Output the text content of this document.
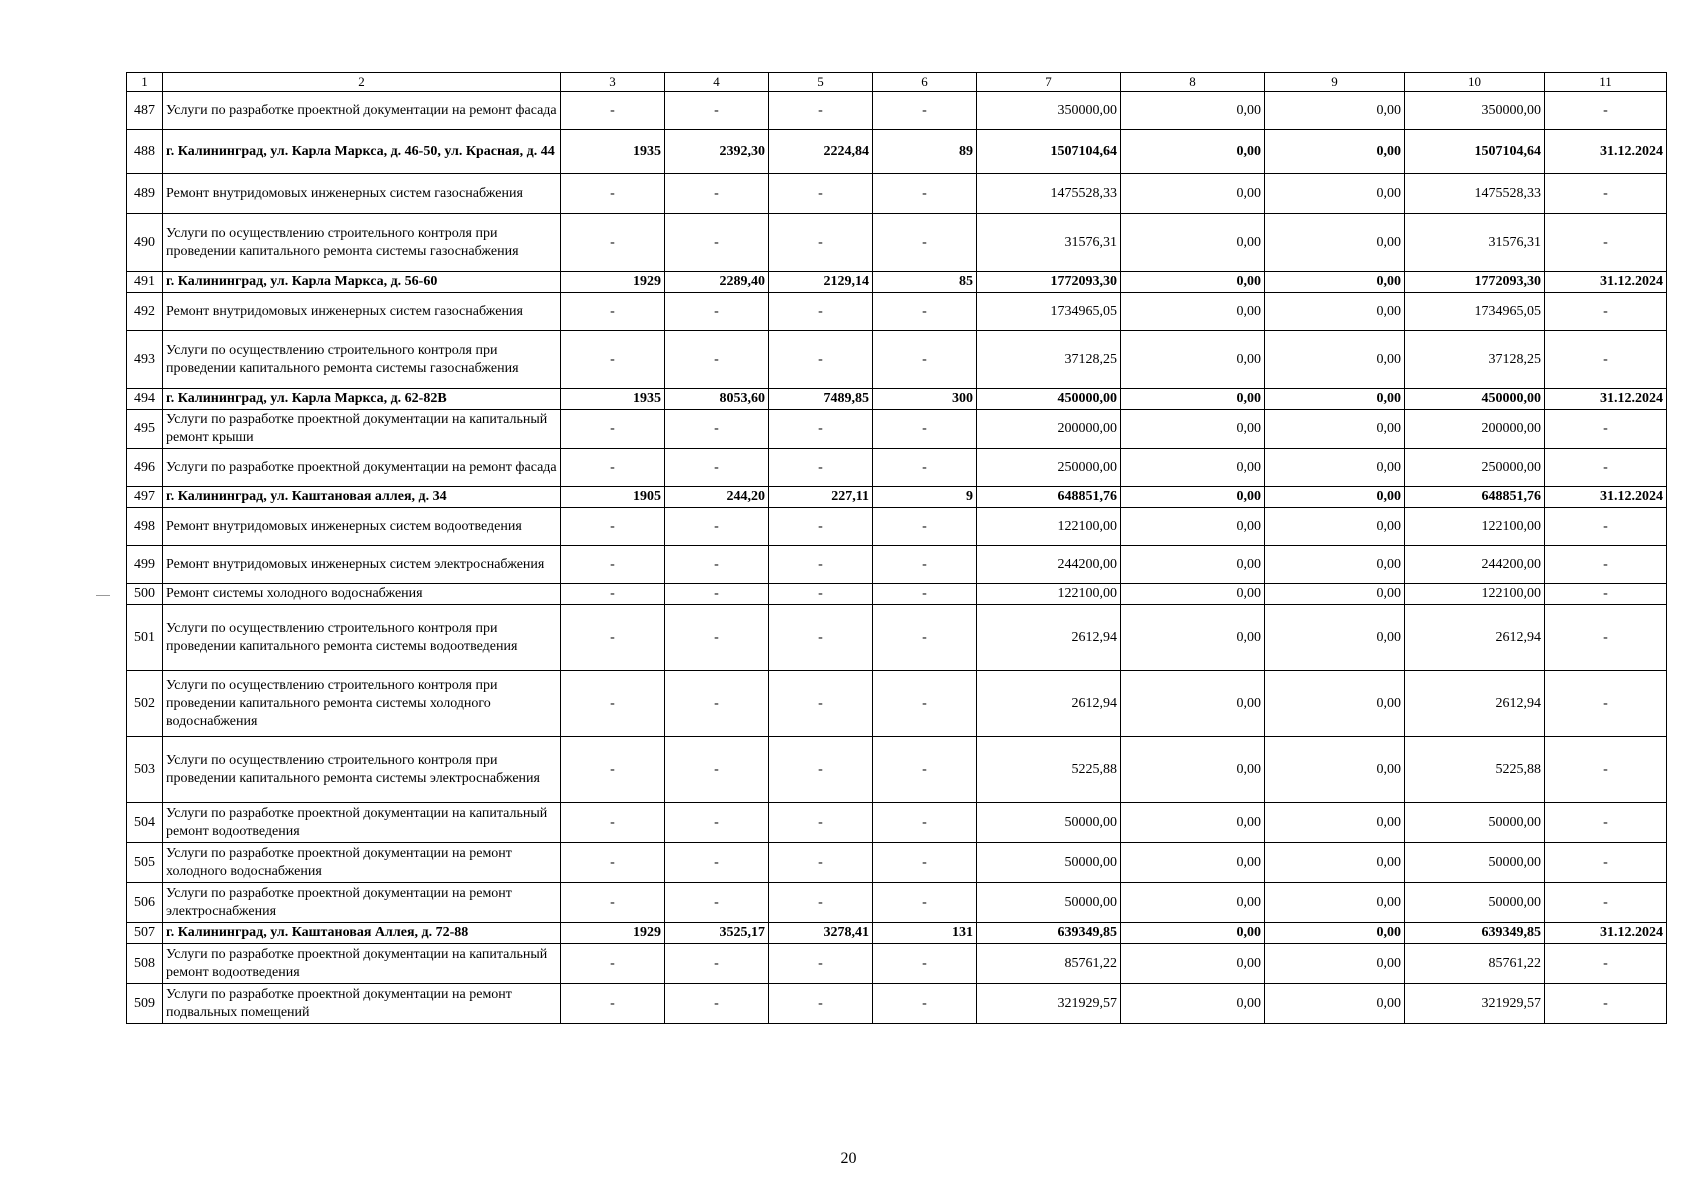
1	2	3	4	5	6	7	8	9	10	11
487	Услуги по разработке проектной документации на ремонт фасада	-	-	-	-	350000,00	0,00	0,00	350000,00	-
488	г. Калининград, ул. Карла Маркса, д. 46-50, ул. Красная, д. 44	1935	2392,30	2224,84	89	1507104,64	0,00	0,00	1507104,64	31.12.2024
489	Ремонт внутридомовых инженерных систем газоснабжения	-	-	-	-	1475528,33	0,00	0,00	1475528,33	-
490	Услуги по осуществлению строительного контроля при проведении капитального ремонта системы газоснабжения	-	-	-	-	31576,31	0,00	0,00	31576,31	-
491	г. Калининград, ул. Карла Маркса, д. 56-60	1929	2289,40	2129,14	85	1772093,30	0,00	0,00	1772093,30	31.12.2024
492	Ремонт внутридомовых инженерных систем газоснабжения	-	-	-	-	1734965,05	0,00	0,00	1734965,05	-
493	Услуги по осуществлению строительного контроля при проведении капитального ремонта системы газоснабжения	-	-	-	-	37128,25	0,00	0,00	37128,25	-
494	г. Калининград, ул. Карла Маркса, д. 62-82В	1935	8053,60	7489,85	300	450000,00	0,00	0,00	450000,00	31.12.2024
495	Услуги по разработке проектной документации на капитальный ремонт крыши	-	-	-	-	200000,00	0,00	0,00	200000,00	-
496	Услуги по разработке проектной документации на ремонт фасада	-	-	-	-	250000,00	0,00	0,00	250000,00	-
497	г. Калининград, ул. Каштановая аллея, д. 34	1905	244,20	227,11	9	648851,76	0,00	0,00	648851,76	31.12.2024
498	Ремонт внутридомовых инженерных систем водоотведения	-	-	-	-	122100,00	0,00	0,00	122100,00	-
499	Ремонт внутридомовых инженерных систем электроснабжения	-	-	-	-	244200,00	0,00	0,00	244200,00	-
500	Ремонт системы холодного водоснабжения	-	-	-	-	122100,00	0,00	0,00	122100,00	-
501	Услуги по осуществлению строительного контроля при проведении капитального ремонта системы водоотведения	-	-	-	-	2612,94	0,00	0,00	2612,94	-
502	Услуги по осуществлению строительного контроля при проведении капитального ремонта системы холодного водоснабжения	-	-	-	-	2612,94	0,00	0,00	2612,94	-
503	Услуги по осуществлению строительного контроля при проведении капитального ремонта системы электроснабжения	-	-	-	-	5225,88	0,00	0,00	5225,88	-
504	Услуги по разработке проектной документации на капитальный ремонт водоотведения	-	-	-	-	50000,00	0,00	0,00	50000,00	-
505	Услуги по разработке проектной документации на ремонт холодного водоснабжения	-	-	-	-	50000,00	0,00	0,00	50000,00	-
506	Услуги по разработке проектной документации на ремонт электроснабжения	-	-	-	-	50000,00	0,00	0,00	50000,00	-
507	г. Калининград, ул. Каштановая Аллея, д. 72-88	1929	3525,17	3278,41	131	639349,85	0,00	0,00	639349,85	31.12.2024
508	Услуги по разработке проектной документации на капитальный ремонт водоотведения	-	-	-	-	85761,22	0,00	0,00	85761,22	-
509	Услуги по разработке проектной документации на ремонт подвальных помещений	-	-	-	-	321929,57	0,00	0,00	321929,57	-
20
